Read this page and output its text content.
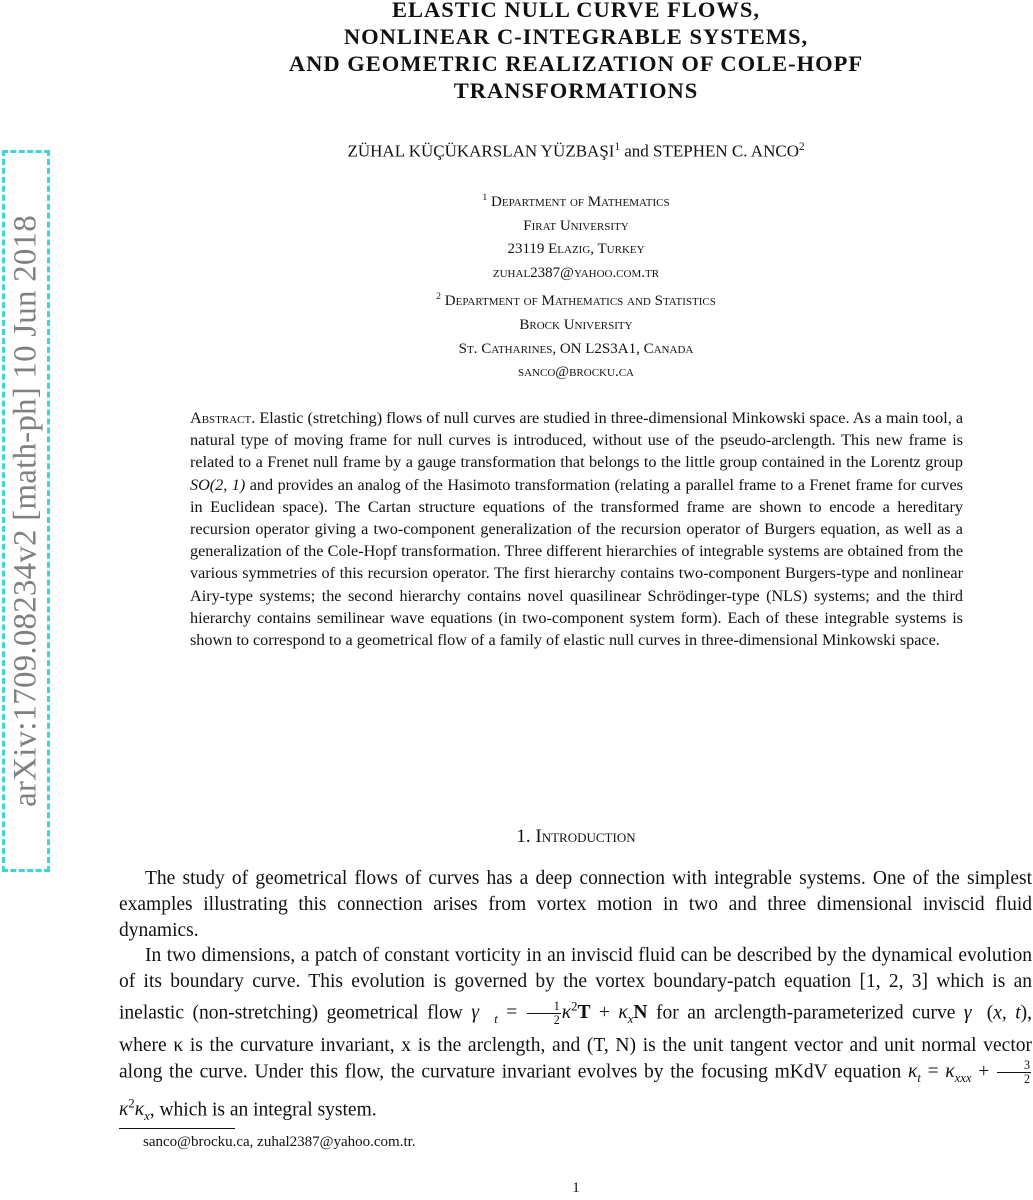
arXiv:1709.08234v2 [math-ph] 10 Jun 2018
ELASTIC NULL CURVE FLOWS,
NONLINEAR C-INTEGRABLE SYSTEMS,
AND GEOMETRIC REALIZATION OF COLE-HOPF
TRANSFORMATIONS
ZÜHAL KÜÇÜKARSLAN YÜZBAŞI$^1$ and STEPHEN C. ANCO$^2$
$^1$ Department of Mathematics
Firat University
23119 Elazig, Turkey
zuhal2387@yahoo.com.tr
$^2$ Department of Mathematics and Statistics
Brock University
St. Catharines, ON L2S3A1, Canada
sanco@brocku.ca
Abstract. Elastic (stretching) flows of null curves are studied in three-dimensional Minkowski space. As a main tool, a natural type of moving frame for null curves is introduced, without use of the pseudo-arclength. This new frame is related to a Frenet null frame by a gauge transformation that belongs to the little group contained in the Lorentz group SO(2, 1) and provides an analog of the Hasimoto transformation (relating a parallel frame to a Frenet frame for curves in Euclidean space). The Cartan structure equations of the transformed frame are shown to encode a hereditary recursion operator giving a two-component generalization of the recursion operator of Burgers equation, as well as a generalization of the Cole-Hopf transformation. Three different hierarchies of integrable systems are obtained from the various symmetries of this recursion operator. The first hierarchy contains two-component Burgers-type and nonlinear Airy-type systems; the second hierarchy contains novel quasilinear Schrödinger-type (NLS) systems; and the third hierarchy contains semilinear wave equations (in two-component system form). Each of these integrable systems is shown to correspond to a geometrical flow of a family of elastic null curves in three-dimensional Minkowski space.
1. Introduction

The study of geometrical flows of curves has a deep connection with integrable systems. One of the simplest examples illustrating this connection arises from vortex motion in two and three dimensional inviscid fluid dynamics.

In two dimensions, a patch of constant vorticity in an inviscid fluid can be described by the dynamical evolution of its boundary curve. This evolution is governed by the vortex boundary-patch equation [1, 2, 3] which is an inelastic (non-stretching) geometrical flow $\gamma⃗_t = \frac{1}{2} \kappa^2T + \kappa_xN$ for an arclength-parameterized curve γ⃗(x, t), where κ is the curvature invariant, x is the arclength, and (T, N) is the unit tangent vector and unit normal vector along the curve. Under this flow, the curvature invariant evolves by the focusing mKdV equation $\kappa_t = \kappa_{xxx} + \frac{3}{2}$
$\kappa^2\kappa_x$, which is an integral system.

sanco@brocku.ca, zuhal2387@yahoo.com.tr.
1
